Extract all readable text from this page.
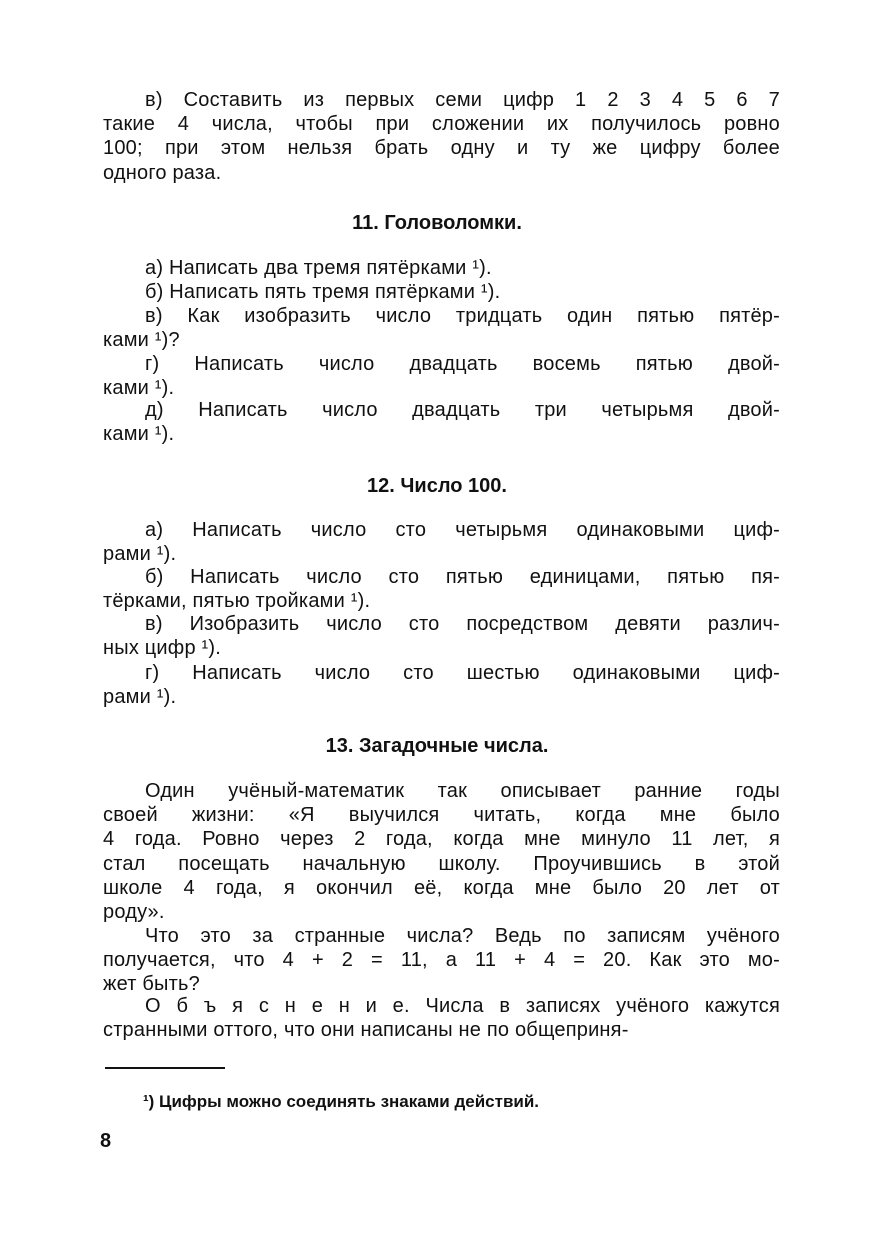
в) Составить из первых семи цифр 1 2 3 4 5 6 7
такие 4 числа, чтобы при сложении их получилось ровно
100; при этом нельзя брать одну и ту же цифру более
одного раза.
11. Головоломки.
а) Написать два тремя пятёрками ¹).
б) Написать пять тремя пятёрками ¹).
в) Как изобразить число тридцать один пятью пятёр-
ками ¹)?
г) Написать число двадцать восемь пятью двой-
ками ¹).
д) Написать число двадцать три четырьмя двой-
ками ¹).
12. Число 100.
а) Написать число сто четырьмя одинаковыми циф-
рами ¹).
б) Написать число сто пятью единицами, пятью пя-
тёрками, пятью тройками ¹).
в) Изобразить число сто посредством девяти различ-
ных цифр ¹).
г) Написать число сто шестью одинаковыми циф-
рами ¹).
13. Загадочные числа.
Один учёный-математик так описывает ранние годы
своей жизни: «Я выучился читать, когда мне было
4 года. Ровно через 2 года, когда мне минуло 11 лет, я
стал посещать начальную школу. Проучившись в этой
школе 4 года, я окончил её, когда мне было 20 лет от
роду».
Что это за странные числа? Ведь по записям учёного
получается, что 4 + 2 = 11, а 11 + 4 = 20. Как это мо-
жет быть?
О б ъ я с н е н и е. Числа в записях учёного кажутся
странными оттого, что они написаны не по общеприня-
¹) Цифры можно соединять знаками действий.
8
